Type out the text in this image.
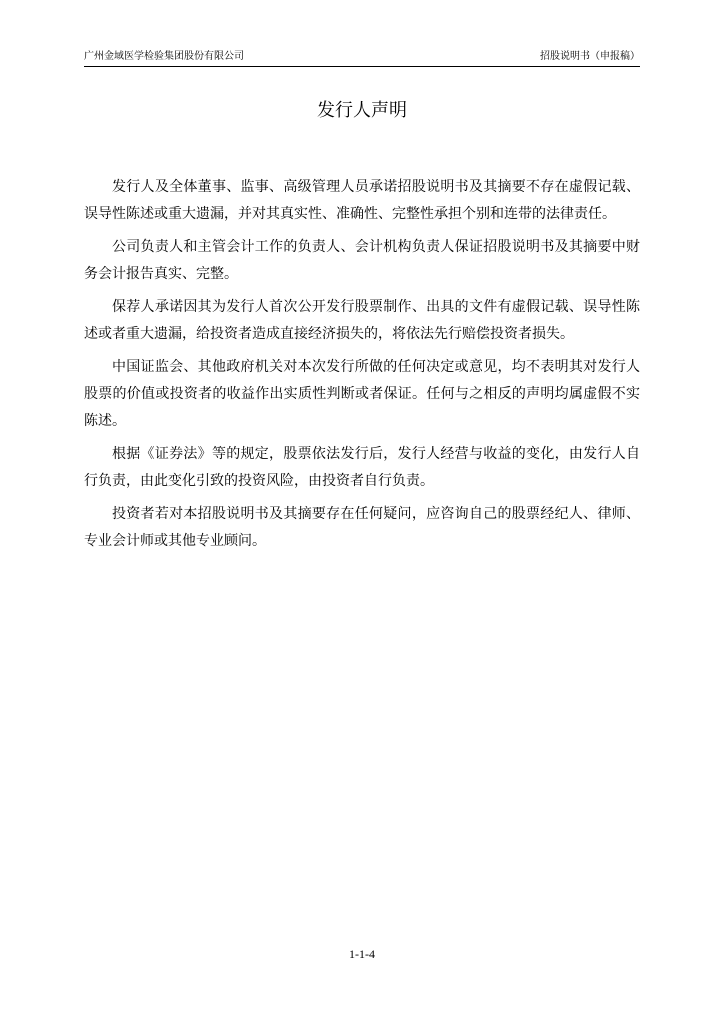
广州金域医学检验集团股份有限公司	招股说明书（申报稿）
发行人声明

发行人及全体董事、监事、高级管理人员承诺招股说明书及其摘要不存在虚假记载、误导性陈述或重大遗漏，并对其真实性、准确性、完整性承担个别和连带的法律责任。

公司负责人和主管会计工作的负责人、会计机构负责人保证招股说明书及其摘要中财务会计报告真实、完整。

保荐人承诺因其为发行人首次公开发行股票制作、出具的文件有虚假记载、误导性陈述或者重大遗漏，给投资者造成直接经济损失的，将依法先行赔偿投资者损失。

中国证监会、其他政府机关对本次发行所做的任何决定或意见，均不表明其对发行人股票的价值或投资者的收益作出实质性判断或者保证。任何与之相反的声明均属虚假不实陈述。

根据《证券法》等的规定，股票依法发行后，发行人经营与收益的变化，由发行人自行负责，由此变化引致的投资风险，由投资者自行负责。

投资者若对本招股说明书及其摘要存在任何疑问，应咨询自己的股票经纪人、律师、专业会计师或其他专业顾问。

1-1-4
